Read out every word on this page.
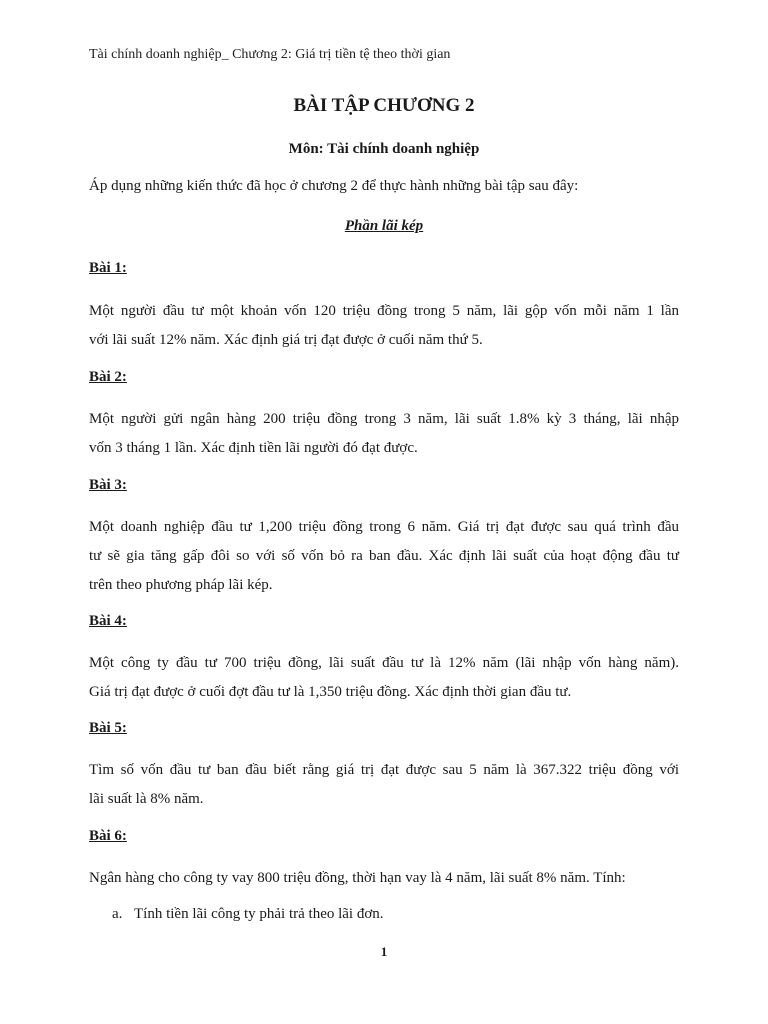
Tài chính doanh nghiệp_ Chương 2: Giá trị tiền tệ theo thời gian
BÀI TẬP CHƯƠNG 2
Môn: Tài chính doanh nghiệp
Áp dụng những kiến thức đã học ở chương 2 để thực hành những bài tập sau đây:
Phần lãi kép
Bài 1:
Một người đầu tư một khoản vốn 120 triệu đồng trong 5 năm, lãi gộp vốn mỗi năm 1 lần
với lãi suất 12% năm. Xác định giá trị đạt được ở cuối năm thứ 5.
Bài 2:
Một người gửi ngân hàng 200 triệu đồng trong 3 năm, lãi suất 1.8% kỳ 3 tháng, lãi nhập
vốn 3 tháng 1 lần. Xác định tiền lãi người đó đạt được.
Bài 3:
Một doanh nghiệp đầu tư 1,200 triệu đồng trong 6 năm. Giá trị đạt được sau quá trình đầu
tư sẽ gia tăng gấp đôi so với số vốn bỏ ra ban đầu. Xác định lãi suất của hoạt động đầu tư
trên theo phương pháp lãi kép.
Bài 4:
Một công ty đầu tư 700 triệu đồng, lãi suất đầu tư là 12% năm (lãi nhập vốn hàng năm).
Giá trị đạt được ở cuối đợt đầu tư là 1,350 triệu đồng. Xác định thời gian đầu tư.
Bài 5:
Tìm số vốn đầu tư ban đầu biết rằng giá trị đạt được sau 5 năm là 367.322 triệu đồng với
lãi suất là 8% năm.
Bài 6:
Ngân hàng cho công ty vay 800 triệu đồng, thời hạn vay là 4 năm, lãi suất 8% năm. Tính:
a. Tính tiền lãi công ty phải trả theo lãi đơn.
1
